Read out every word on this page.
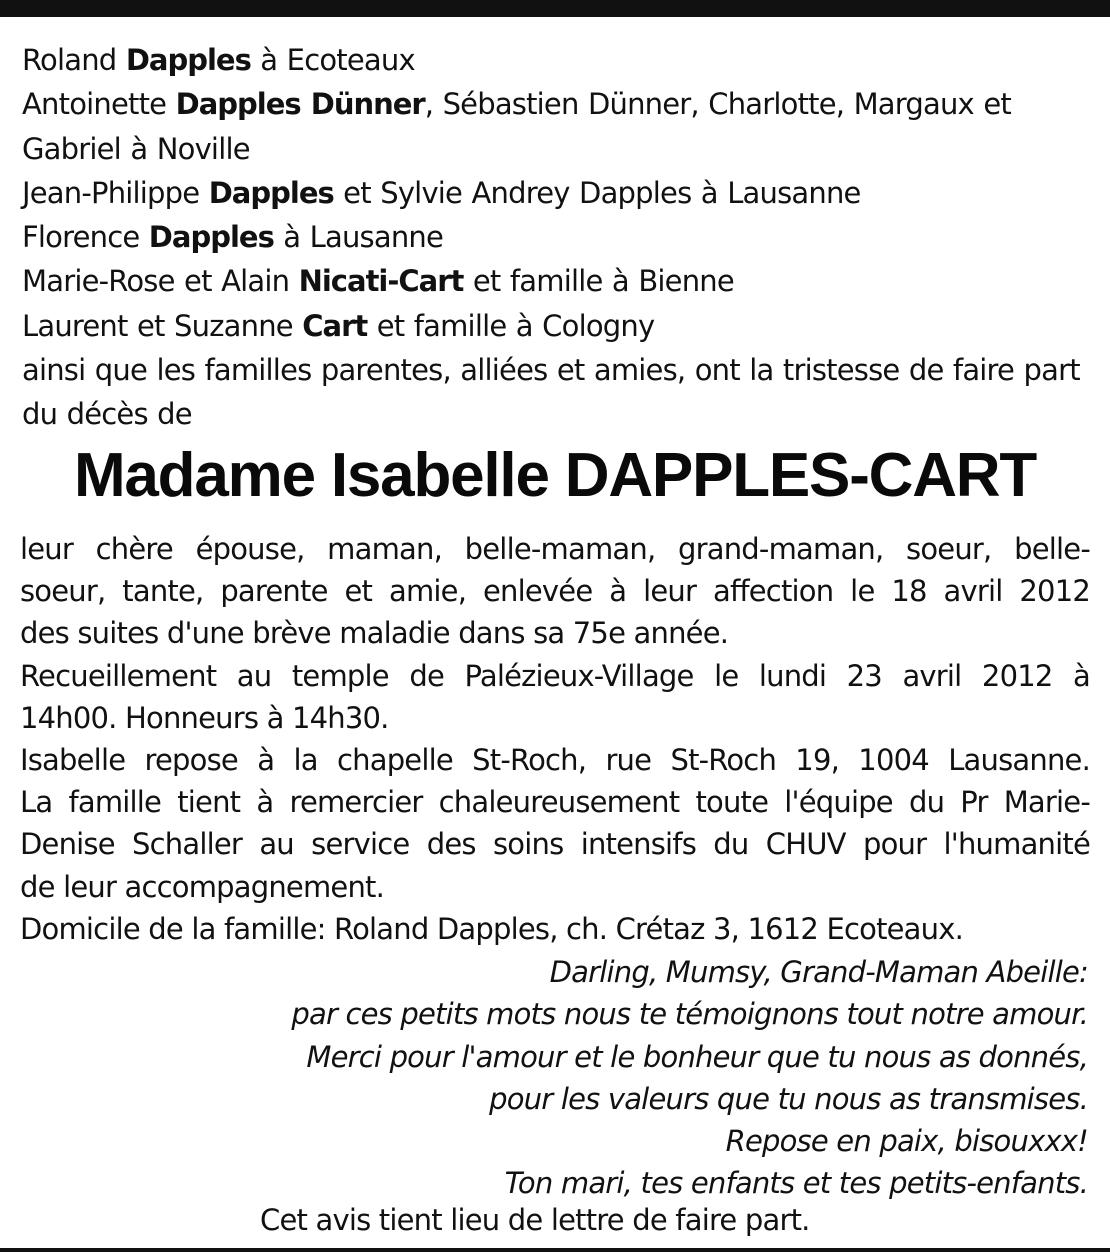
Roland Dapples à Ecoteaux
Antoinette Dapples Dünner, Sébastien Dünner, Charlotte, Margaux et Gabriel à Noville
Jean-Philippe Dapples et Sylvie Andrey Dapples à Lausanne
Florence Dapples à Lausanne
Marie-Rose et Alain Nicati-Cart et famille à Bienne
Laurent et Suzanne Cart et famille à Cologny
ainsi que les familles parentes, alliées et amies, ont la tristesse de faire part du décès de
Madame Isabelle DAPPLES-CART
leur chère épouse, maman, belle-maman, grand-maman, soeur, belle-
soeur, tante, parente et amie, enlevée à leur affection le 18 avril 2012
des suites d'une brève maladie dans sa 75e année.
Recueillement au temple de Palézieux-Village le lundi 23 avril 2012 à
14h00. Honneurs à 14h30.
Isabelle repose à la chapelle St-Roch, rue St-Roch 19, 1004 Lausanne.
La famille tient à remercier chaleureusement toute l'équipe du Pr Marie-
Denise Schaller au service des soins intensifs du CHUV pour l'humanité
de leur accompagnement.
Domicile de la famille: Roland Dapples, ch. Crétaz 3, 1612 Ecoteaux.
Darling, Mumsy, Grand-Maman Abeille:
par ces petits mots nous te témoignons tout notre amour.
Merci pour l'amour et le bonheur que tu nous as donnés,
pour les valeurs que tu nous as transmises.
Repose en paix, bisouxxx!
Ton mari, tes enfants et tes petits-enfants.
Cet avis tient lieu de lettre de faire part.
